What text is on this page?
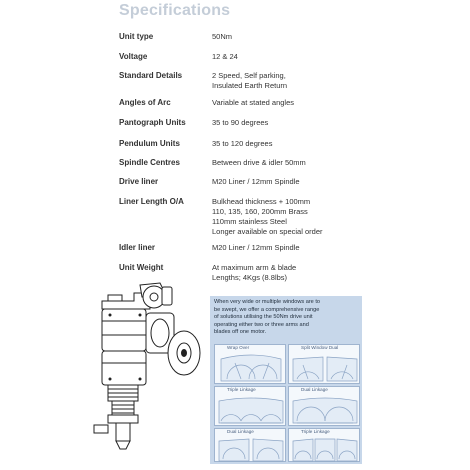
Specifications
Unit type	50Nm
Voltage	12 & 24
Standard Details	2 Speed, Self parking,
Insulated Earth Return
Angles of Arc	Variable at stated angles
Pantograph Units	35 to 90 degrees
Pendulum Units	35 to 120 degrees
Spindle Centres	Between drive & idler 50mm
Drive liner	M20 Liner / 12mm Spindle
Liner Length O/A	Bulkhead thickness + 100mm
110, 135, 160, 200mm Brass
110mm stainless Steel
Longer available on special order
Idler liner	M20 Liner / 12mm Spindle
Unit Weight	At maximum arm & blade
Lengths; 4Kgs (8.8lbs)
When very wide or multiple windows are to
be swept, we offer a comprehensive range
of solutions utilising the 50Nm drive unit
operating either two or three arms and
blades off one motor.
Wrap Over	Split Window Dual
Triple Linkage	Dual Linkage
Dual Linkage	Triple Linkage
